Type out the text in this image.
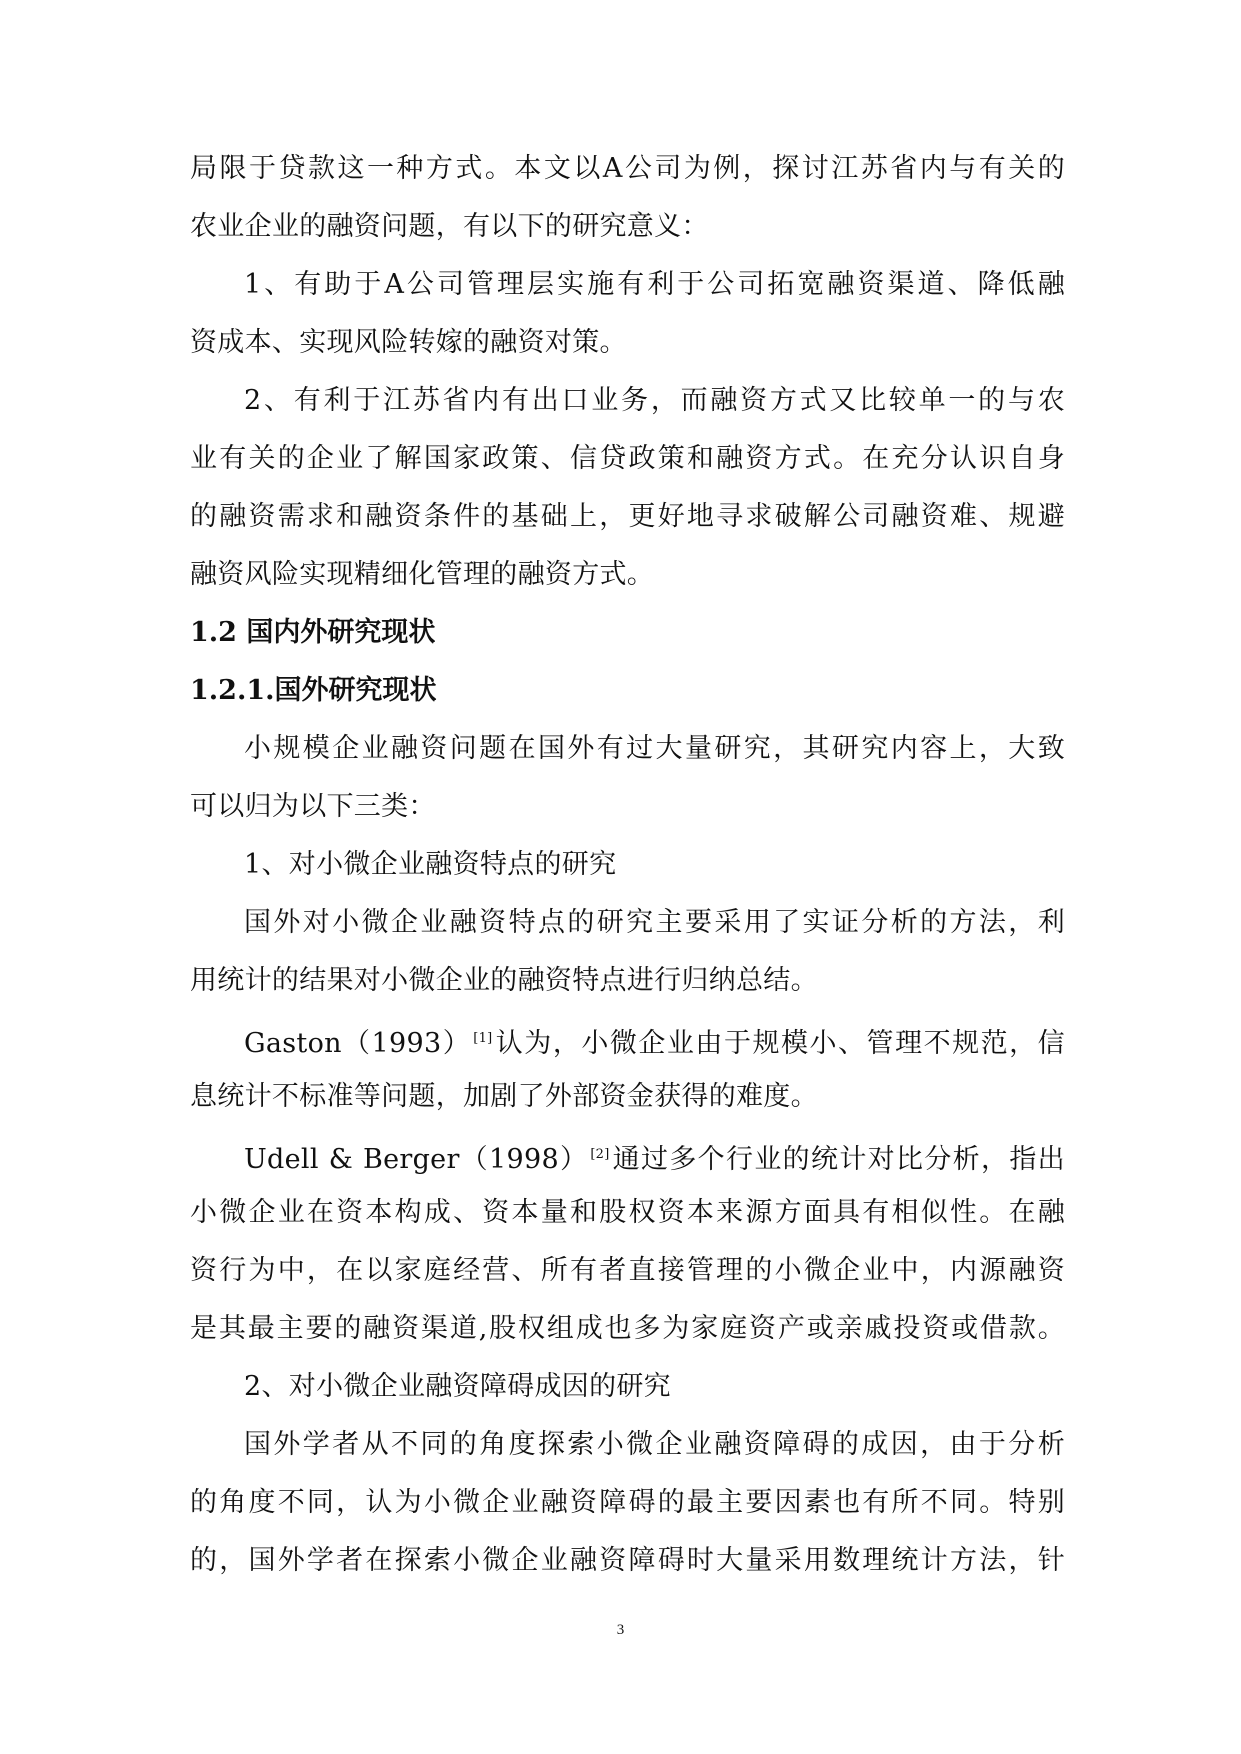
局限于贷款这一种方式。本文以A公司为例，探讨江苏省内与有关的
农业企业的融资问题，有以下的研究意义：
1、有助于A公司管理层实施有利于公司拓宽融资渠道、降低融
资成本、实现风险转嫁的融资对策。
2、有利于江苏省内有出口业务，而融资方式又比较单一的与农
业有关的企业了解国家政策、信贷政策和融资方式。在充分认识自身
的融资需求和融资条件的基础上，更好地寻求破解公司融资难、规避
融资风险实现精细化管理的融资方式。
1.2 国内外研究现状
1.2.1.国外研究现状
小规模企业融资问题在国外有过大量研究，其研究内容上，大致
可以归为以下三类：
1、对小微企业融资特点的研究
国外对小微企业融资特点的研究主要采用了实证分析的方法，利
用统计的结果对小微企业的融资特点进行归纳总结。
Gaston（1993） [1]认为，小微企业由于规模小、管理不规范，信
息统计不标准等问题，加剧了外部资金获得的难度。
Udell & Berger（1998） [2]通过多个行业的统计对比分析，指出
小微企业在资本构成、资本量和股权资本来源方面具有相似性。在融
资行为中，在以家庭经营、所有者直接管理的小微企业中，内源融资
是其最主要的融资渠道,股权组成也多为家庭资产或亲戚投资或借款。
2、对小微企业融资障碍成因的研究
国外学者从不同的角度探索小微企业融资障碍的成因，由于分析
的角度不同，认为小微企业融资障碍的最主要因素也有所不同。特别
的，国外学者在探索小微企业融资障碍时大量采用数理统计方法，针
3
